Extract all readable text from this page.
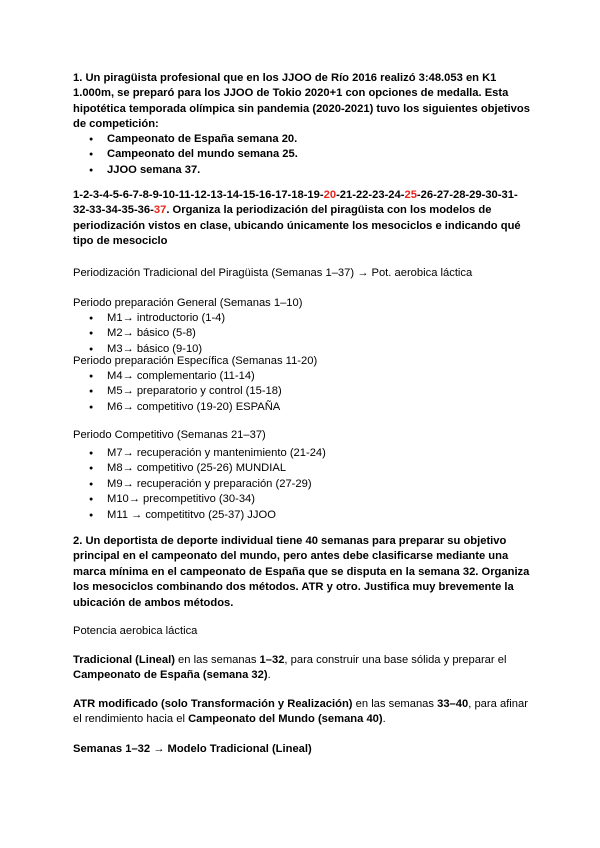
1. Un piragüista profesional que en los JJOO de Río 2016 realizó 3:48.053 en K1 1.000m, se preparó para los JJOO de Tokio 2020+1 con opciones de medalla. Esta hipotética temporada olímpica sin pandemia (2020-2021) tuvo los siguientes objetivos de competición:
● Campeonato de España semana 20.
● Campeonato del mundo semana 25.
● JJOO semana 37.
1-2-3-4-5-6-7-8-9-10-11-12-13-14-15-16-17-18-19-20-21-22-23-24-25-26-27-28-29-30-31-32-33-34-35-36-37. Organiza la periodización del piragüista con los modelos de periodización vistos en clase, ubicando únicamente los mesociclos e indicando qué tipo de mesociclo
Periodización Tradicional del Piragüista (Semanas 1–37) → Pot. aerobica láctica
Periodo preparación General (Semanas 1–10)
● M1→ introductorio (1-4)
● M2→ básico (5-8)
● M3→ básico (9-10)
Periodo preparación Específica (Semanas 11-20)
● M4→ complementario (11-14)
● M5→ preparatorio y control (15-18)
● M6→ competitivo (19-20) ESPAÑA
Periodo Competitivo (Semanas 21–37)
● M7→ recuperación y mantenimiento (21-24)
● M8→ competitivo (25-26) MUNDIAL
● M9→ recuperación y preparación (27-29)
● M10→ precompetitivo (30-34)
● M11 → competititvo (25-37) JJOO
2. Un deportista de deporte individual tiene 40 semanas para preparar su objetivo principal en el campeonato del mundo, pero antes debe clasificarse mediante una marca mínima en el campeonato de España que se disputa en la semana 32. Organiza los mesociclos combinando dos métodos. ATR y otro. Justifica muy brevemente la ubicación de ambos métodos.
Potencia aerobica láctica
Tradicional (Lineal) en las semanas 1–32, para construir una base sólida y preparar el Campeonato de España (semana 32).
ATR modificado (solo Transformación y Realización) en las semanas 33–40, para afinar el rendimiento hacia el Campeonato del Mundo (semana 40).
Semanas 1–32 → Modelo Tradicional (Lineal)
